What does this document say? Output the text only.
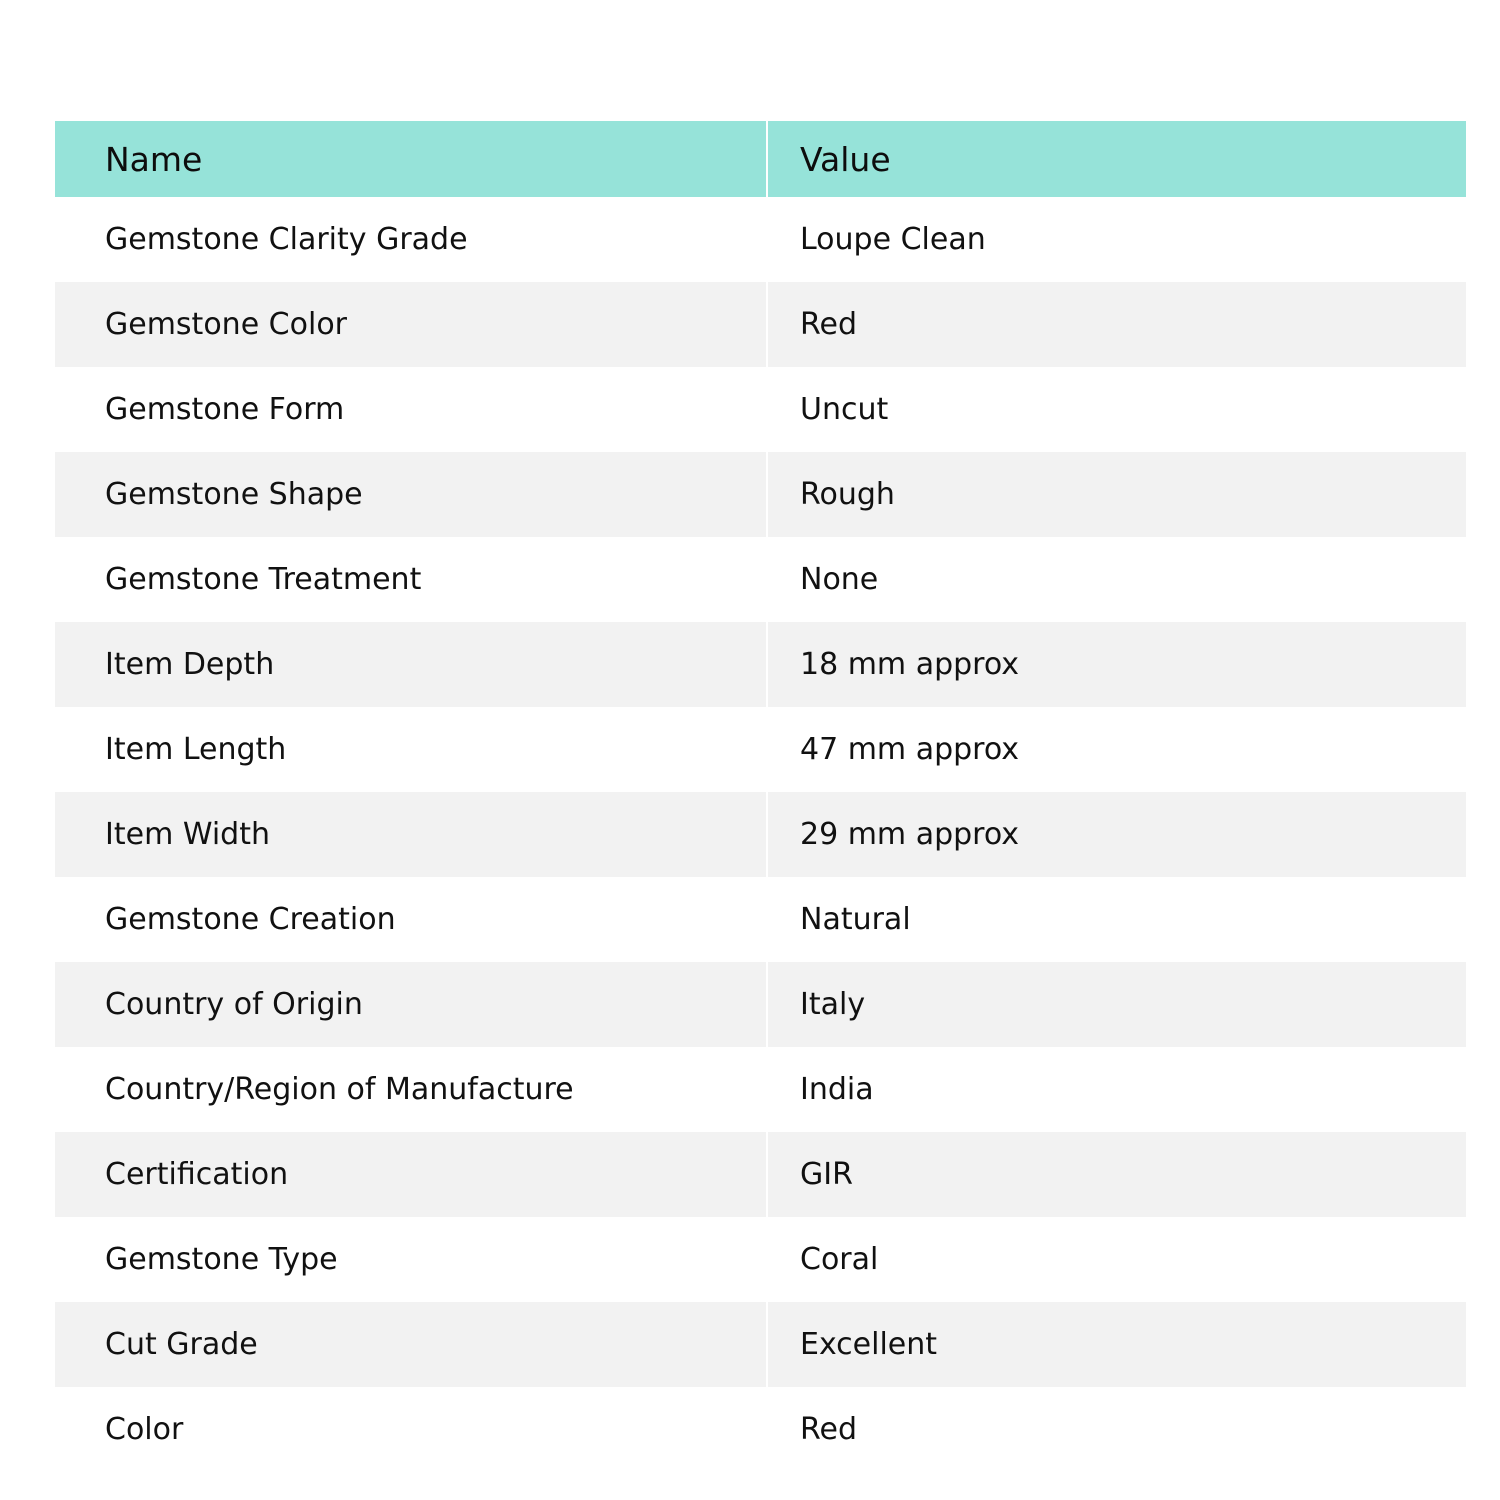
Name	Value
Gemstone Clarity Grade	Loupe Clean
Gemstone Color	Red
Gemstone Form	Uncut
Gemstone Shape	Rough
Gemstone Treatment	None
Item Depth	18 mm approx
Item Length	47 mm approx
Item Width	29 mm approx
Gemstone Creation	Natural
Country of Origin	Italy
Country/Region of Manufacture	India
Certification	GIR
Gemstone Type	Coral
Cut Grade	Excellent
Color	Red
